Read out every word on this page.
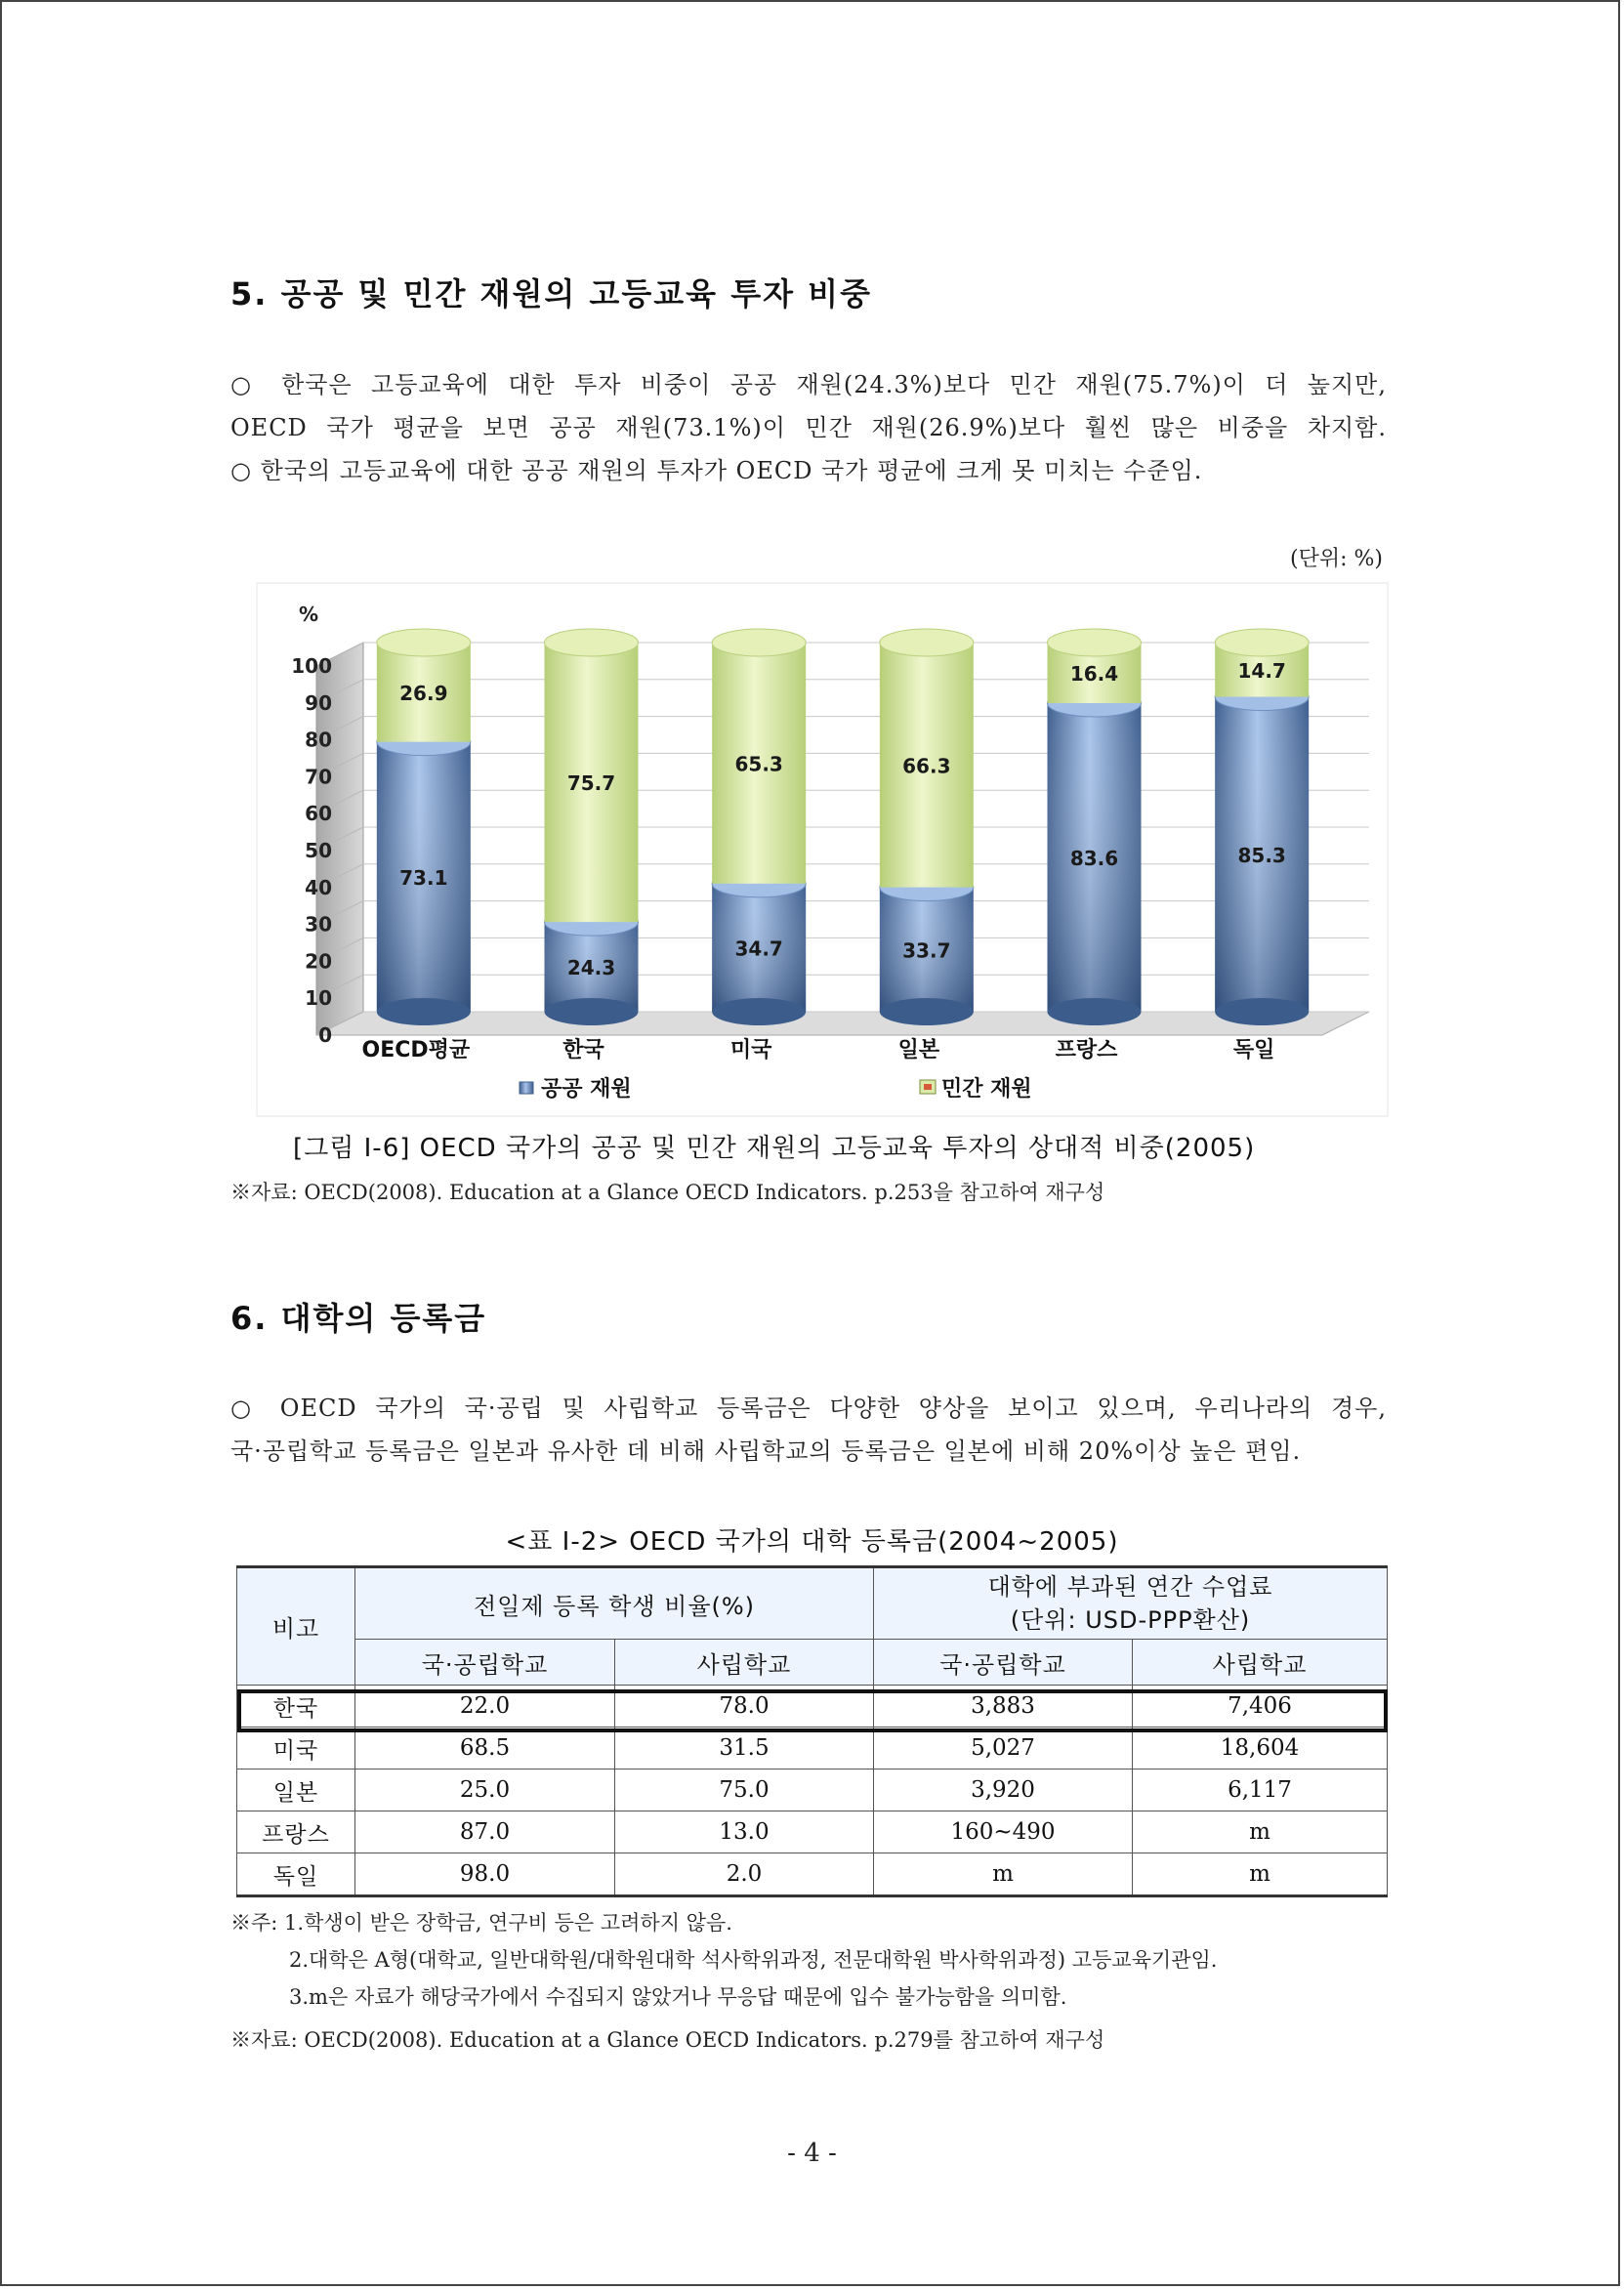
5. 공공 및 민간 재원의 고등교육 투자 비중

○ 한국은 고등교육에 대한 투자 비중이 공공 재원(24.3%)보다 민간 재원(75.7%)이 더 높지만,

OECD 국가 평균을 보면 공공 재원(73.1%)이 민간 재원(26.9%)보다 훨씬 많은 비중을 차지함.

○ 한국의 고등교육에 대한 공공 재원의 투자가 OECD 국가 평균에 크게 못 미치는 수준임.

(단위: %)
0
10
20
30
40
50
60
70
80
90
100
%
73.1
26.9
OECD평균
24.3
75.7
한국
34.7
65.3
미국
33.7
66.3
일본
83.6
16.4
프랑스
85.3
14.7
독일
공공 재원	민간 재원
[그림 Ⅰ-6] OECD 국가의 공공 및 민간 재원의 고등교육 투자의 상대적 비중(2005)
※자료: OECD(2008). Education at a Glance OECD Indicators. p.253을 참고하여 재구성
6. 대학의 등록금

○ OECD 국가의 국·공립 및 사립학교 등록금은 다양한 양상을 보이고 있으며, 우리나라의 경우,

국·공립학교 등록금은 일본과 유사한 데 비해 사립학교의 등록금은 일본에 비해 20%이상 높은 편임.

<표 Ⅰ-2> OECD 국가의 대학 등록금(2004~2005)
비고	전일제 등록 학생 비율(%)		대학에 부과된 연간 수업료
(단위: USD-PPP환산)	

	국·공립학교	사립학교	국·공립학교	사립학교
한국	22.0	78.0	3,883	7,406
미국	68.5	31.5	5,027	18,604
일본	25.0	75.0	3,920	6,117
프랑스	87.0	13.0	160~490	m
독일	98.0	2.0	m	m
※주: 1.학생이 받은 장학금, 연구비 등은 고려하지 않음.
2.대학은 A형(대학교, 일반대학원/대학원대학 석사학위과정, 전문대학원 박사학위과정) 고등교육기관임.
3.m은 자료가 해당국가에서 수집되지 않았거나 무응답 때문에 입수 불가능함을 의미함.
※자료: OECD(2008). Education at a Glance OECD Indicators. p.279를 참고하여 재구성
- 4 -
